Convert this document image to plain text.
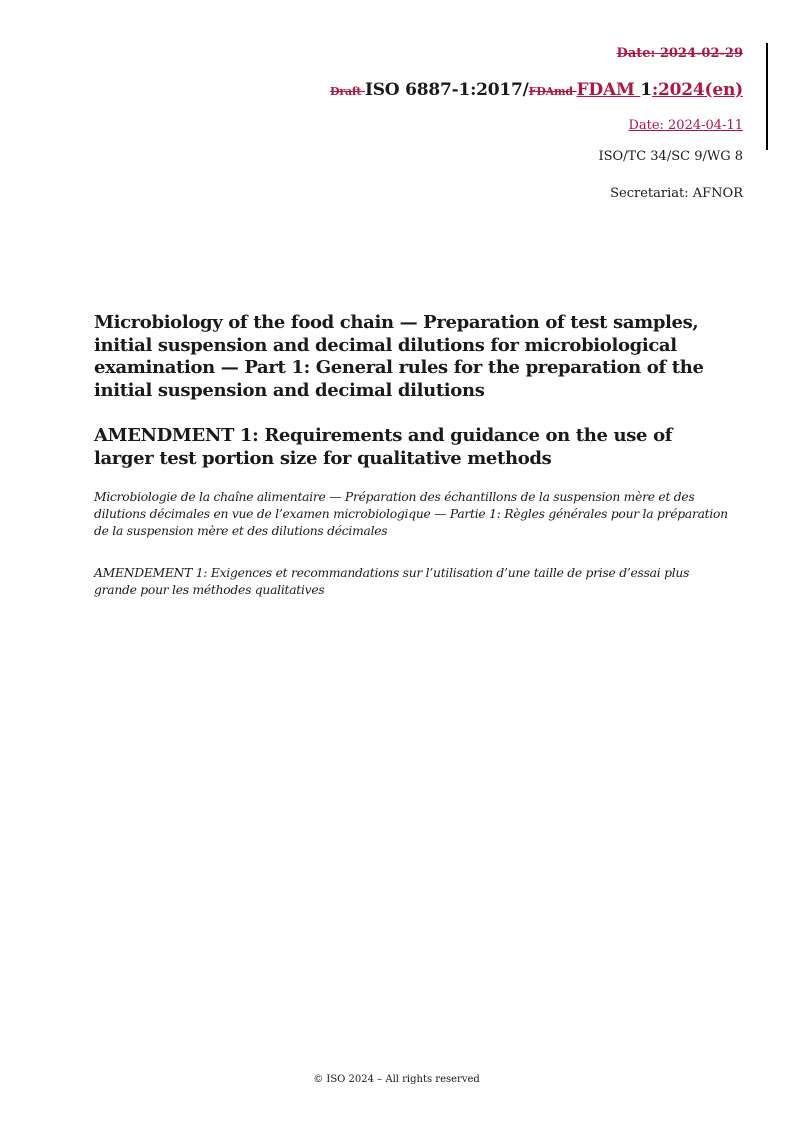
Date: 2024-02-29
Draft ISO 6887-1:2017/FDAmd FDAM 1:2024(en)
Date: 2024-04-11
ISO/TC 34/SC 9/WG 8
Secretariat: AFNOR
Microbiology of the food chain — Preparation of test samples, initial suspension and decimal dilutions for microbiological examination — Part 1: General rules for the preparation of the initial suspension and decimal dilutions
AMENDMENT 1: Requirements and guidance on the use of larger test portion size for qualitative methods

Microbiologie de la chaîne alimentaire — Préparation des échantillons de la suspension mère et des dilutions décimales en vue de l’examen microbiologique — Partie 1: Règles générales pour la préparation de la suspension mère et des dilutions décimales

AMENDEMENT 1: Exigences et recommandations sur l’utilisation d’une taille de prise d’essai plus grande pour les méthodes qualitatives

© ISO 2024 – All rights reserved
